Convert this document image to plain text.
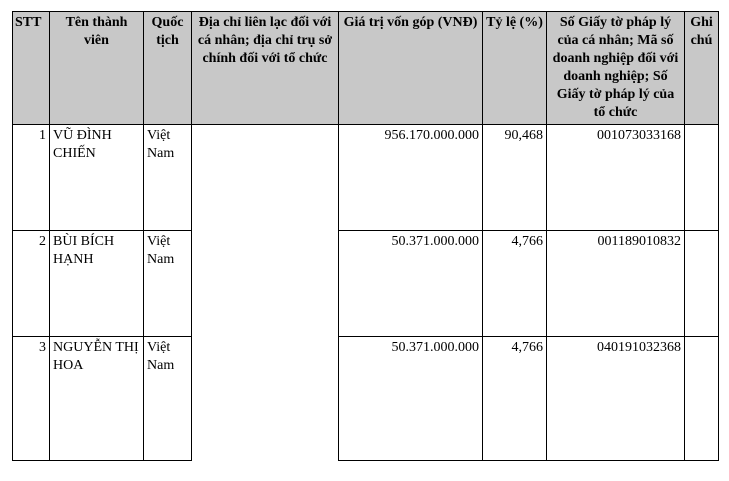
STT	Tên thành viên	Quốc tịch	Địa chỉ liên lạc đối với cá nhân; địa chỉ trụ sở chính đối với tổ chức	Giá trị vốn góp (VNĐ)	Tỷ lệ (%)	Số Giấy tờ pháp lý của cá nhân; Mã số doanh nghiệp đối với doanh nghiệp; Số Giấy tờ pháp lý của tổ chức	Ghi chú
1	VŨ ĐÌNH CHIẾN	Việt Nam		956.170.000.000	90,468	001073033168	
2	BÙI BÍCH HẠNH	Việt Nam		50.371.000.000	4,766	001189010832	
3	NGUYỄN THỊ HOA	Việt Nam		50.371.000.000	4,766	040191032368	
